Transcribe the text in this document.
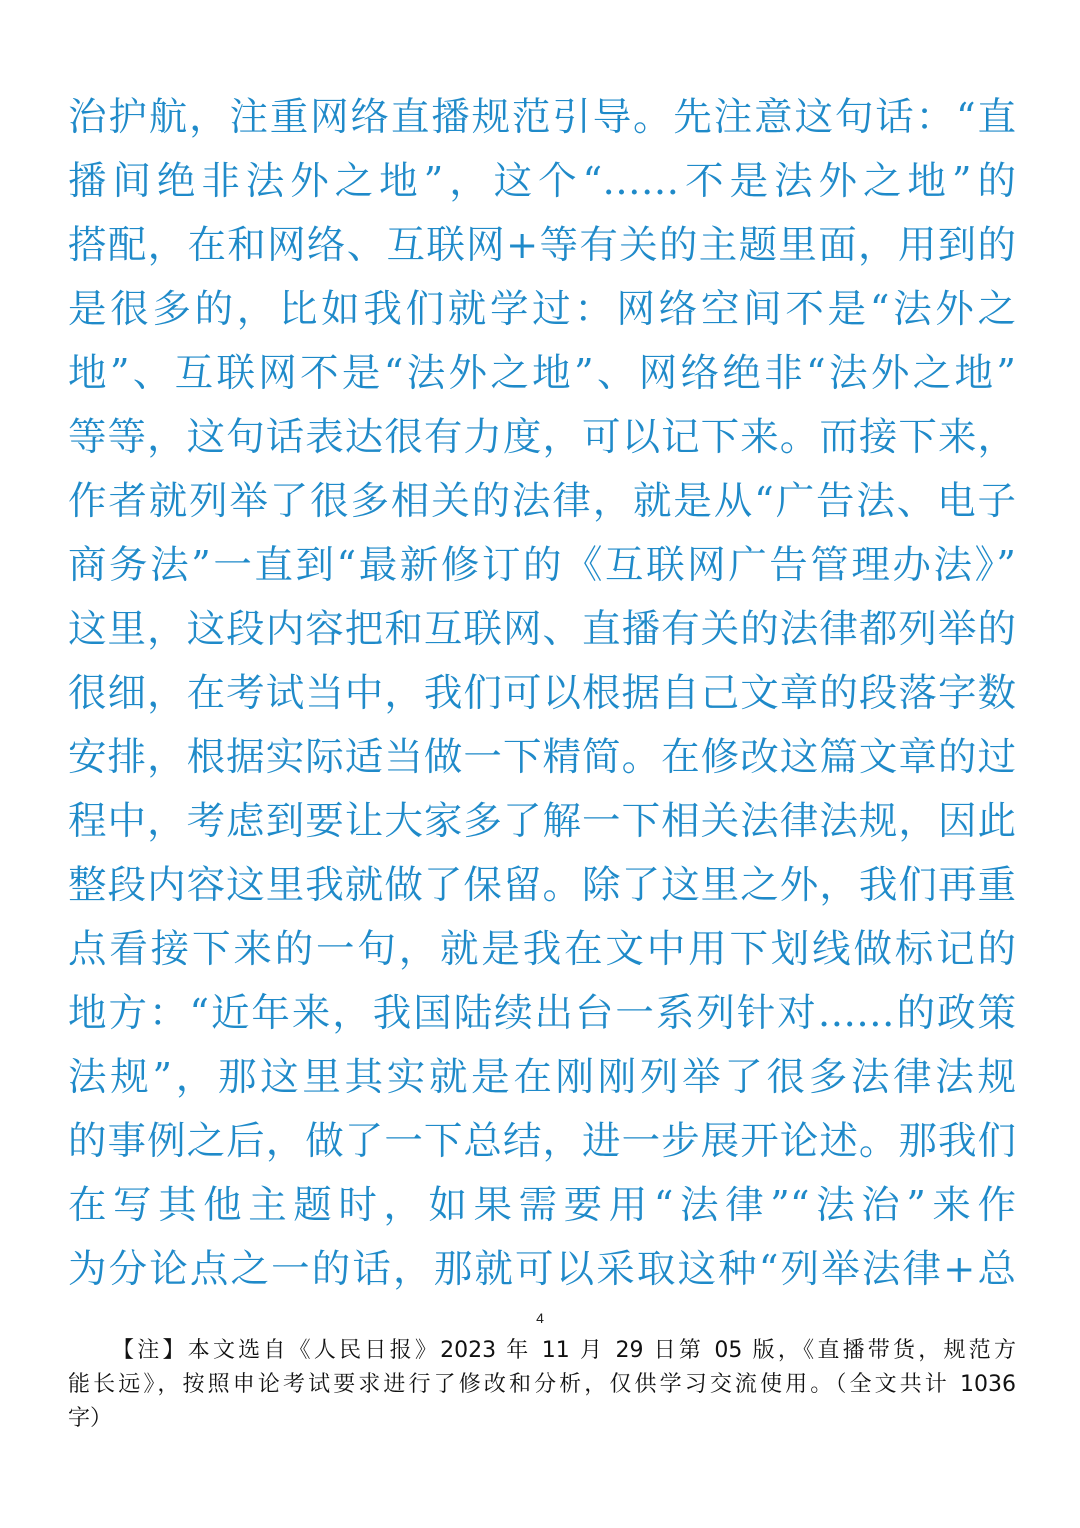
治护航，注重网络直播规范引导。先注意这句话：“直
播间绝非法外之地”，这个“……不是法外之地”的
搭配，在和网络、互联网+等有关的主题里面，用到的
是很多的，比如我们就学过：网络空间不是“法外之
地”、互联网不是“法外之地”、网络绝非“法外之地”
等等，这句话表达很有力度，可以记下来。而接下来，
作者就列举了很多相关的法律，就是从“广告法、电子
商务法”一直到“最新修订的《互联网广告管理办法》”
这里，这段内容把和互联网、直播有关的法律都列举的
很细，在考试当中，我们可以根据自己文章的段落字数
安排，根据实际适当做一下精简。在修改这篇文章的过
程中，考虑到要让大家多了解一下相关法律法规，因此
整段内容这里我就做了保留。除了这里之外，我们再重
点看接下来的一句，就是我在文中用下划线做标记的
地方：“近年来，我国陆续出台一系列针对……的政策
法规”，那这里其实就是在刚刚列举了很多法律法规
的事例之后，做了一下总结，进一步展开论述。那我们
在写其他主题时，如果需要用“法律”“法治”来作
为分论点之一的话，那就可以采取这种“列举法律+总
4
【注】本文选自《人民日报》2023 年 11 月 29 日第 05 版，《直播带货，规范方
能长远》，按照申论考试要求进行了修改和分析，仅供学习交流使用。（全文共计 1036
字）
